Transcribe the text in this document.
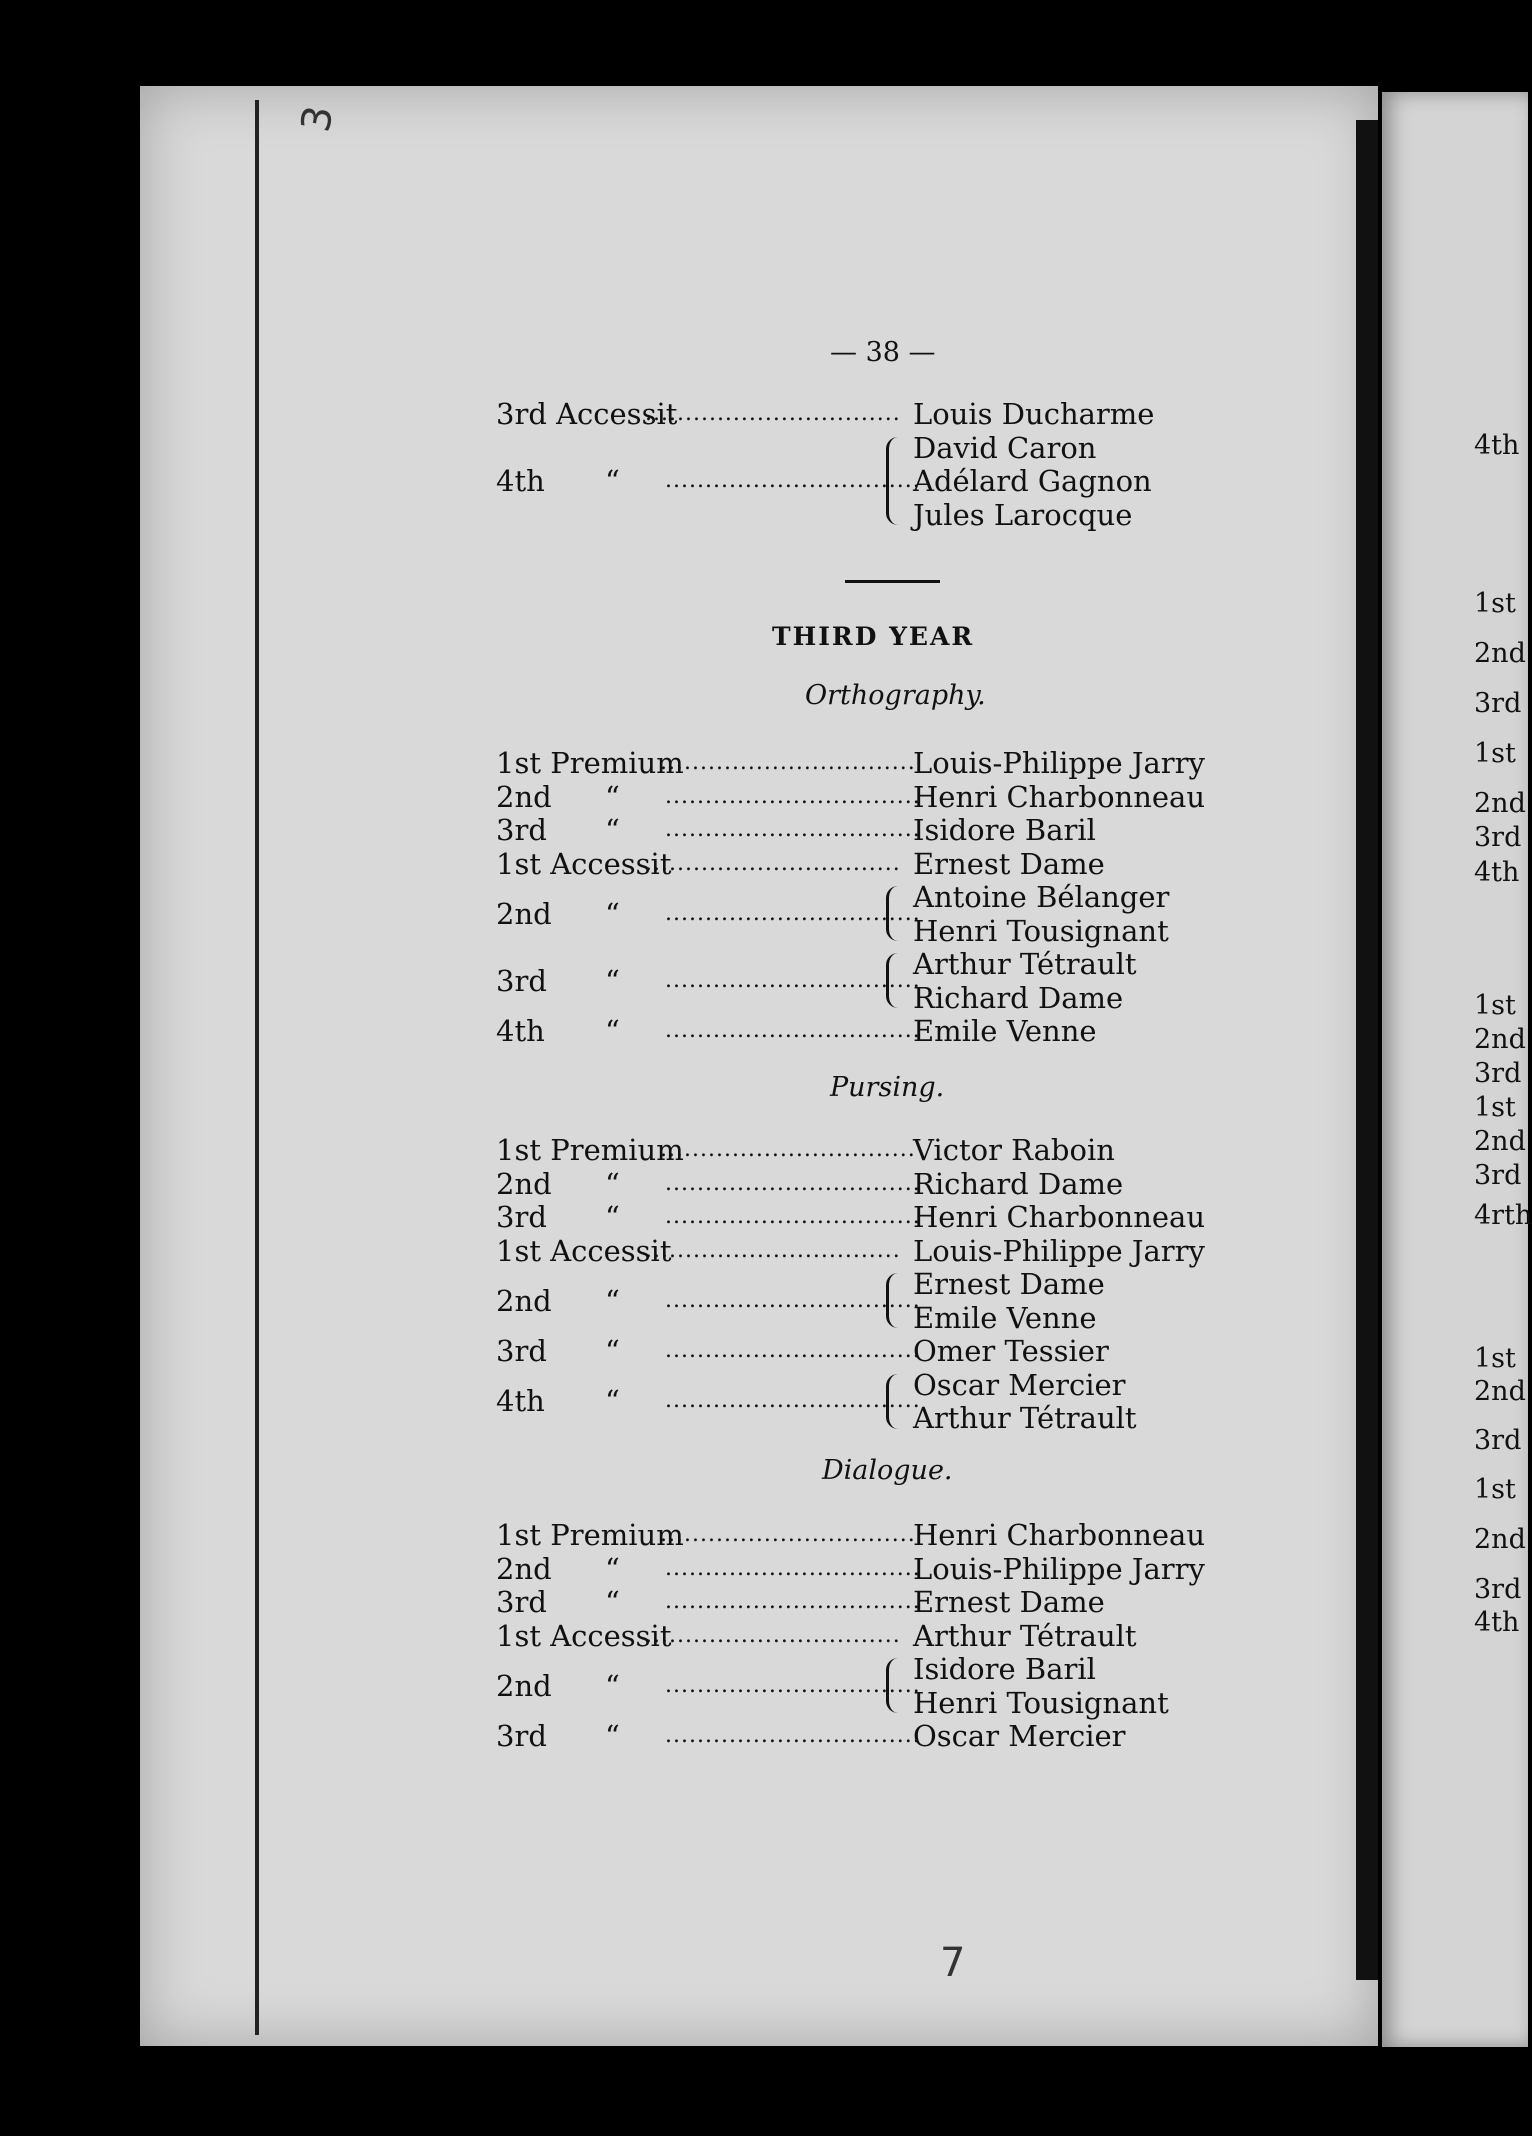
3
7
— 38 —
3rd Accessit
................................ Louis Ducharme
4th “ ................................
David Caron
Adélard Gagnon
Jules Larocque
THIRD YEAR
Orthography.
1st Premium
................................
Louis-Philippe Jarry
2nd “ ................................
Henri Charbonneau
3rd “ ................................
Isidore Baril
1st Accessit
................................ Ernest Dame
2nd “ ................................
Antoine Bélanger
Henri Tousignant
3rd “ ................................
Arthur Tétrault
Richard Dame
4th “ ................................
Emile Venne
Pursing.
1st Premium
................................
Victor Raboin
2nd “ ................................
Richard Dame
3rd “ ................................
Henri Charbonneau
1st Accessit
................................ Louis-Philippe Jarry
2nd “ ................................
Ernest Dame
Emile Venne
3rd “ ................................
Omer Tessier
4th “ ................................
Oscar Mercier
Arthur Tétrault
Dialogue.
1st Premium
................................
Henri Charbonneau
2nd “ ................................
Louis-Philippe Jarry
3rd “ ................................
Ernest Dame
1st Accessit
................................ Arthur Tétrault
2nd “ ................................
Isidore Baril
Henri Tousignant
3rd “ ................................
Oscar Mercier
4th
1st
2nd
3rd
1st
2nd
3rd
4th
1st
2nd
3rd
1st
2nd
3rd
4rth
1st
2nd
3rd
1st
2nd
3rd
4th
